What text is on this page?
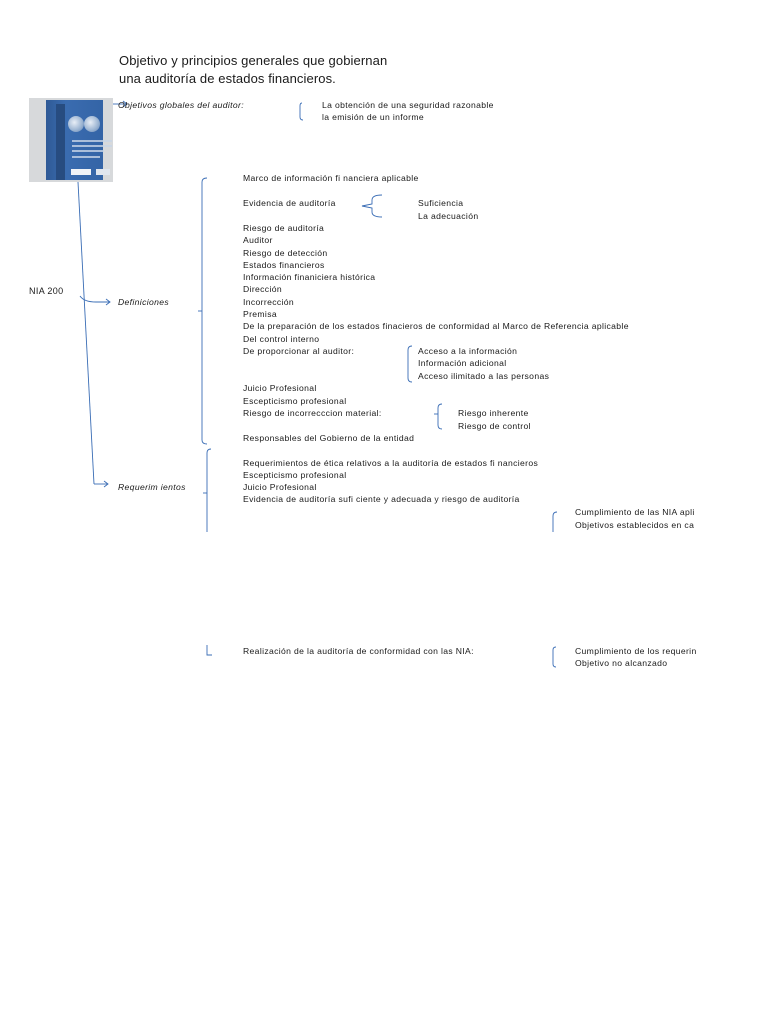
Objetivo y principios generales que gobiernan
una auditoría de estados financieros.
NIA 200
Objetivos globales del auditor:	La obtención de una seguridad razonable
la emisión de un informe
Definiciones
Marco de información fi nanciera aplicable
Evidencia de auditoría	Suficiencia
La adecuación
Riesgo de auditoría
Auditor
Riesgo de detección
Estados financieros
Información finaniciera histórica
Dirección
Incorrección
Premisa
De la preparación de los estados finacieros de conformidad al Marco de Referencia aplicable
Del control interno
De proporcionar al auditor:	Acceso a la información
Información adicional
Acceso ilimitado a las personas
Juicio Profesional
Escepticismo profesional
Riesgo de incorrecccion material:	Riesgo inherente
Riesgo de control
Responsables del Gobierno de la entidad
Requerim ientos
Requerimientos de ética relativos a la auditoría de estados fi nancieros
Escepticismo profesional
Juicio Profesional
Evidencia de auditoría sufi ciente y adecuada y riesgo de auditoría
Cumplimiento de las NIA apli
Objetivos establecidos en ca
Realización de la auditoría de conformidad con las NIA:	Cumplimiento de los requerin
Objetivo no alcanzado
